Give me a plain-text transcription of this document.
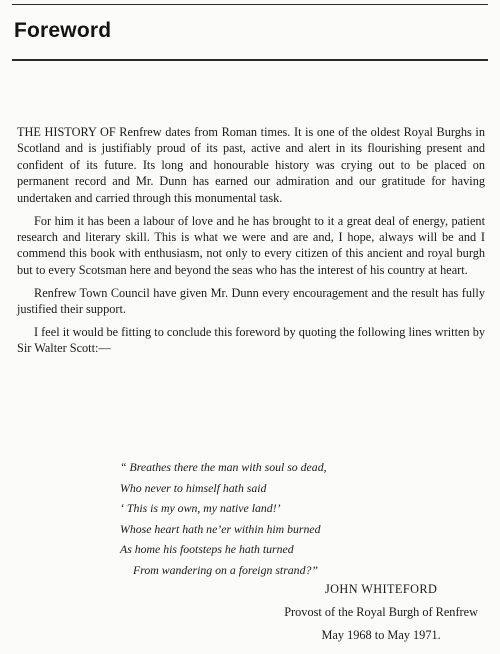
Foreword

THE HISTORY OF Renfrew dates from Roman times. It is one of the oldest Royal Burghs in Scotland and is justifiably proud of its past, active and alert in its flourishing present and confident of its future. Its long and honourable history was crying out to be placed on permanent record and Mr. Dunn has earned our admiration and our gratitude for having undertaken and carried through this monumental task.

For him it has been a labour of love and he has brought to it a great deal of energy, patient research and literary skill. This is what we were and are and, I hope, always will be and I commend this book with enthusiasm, not only to every citizen of this ancient and royal burgh but to every Scotsman here and beyond the seas who has the interest of his country at heart.

Renfrew Town Council have given Mr. Dunn every encouragement and the result has fully justified their support.

I feel it would be fitting to conclude this foreword by quoting the following lines written by Sir Walter Scott:—

“ Breathes there the man with soul so dead,
Who never to himself hath said
‘ This is my own, my native land!’
Whose heart hath ne’er within him burned
As home his footsteps he hath turned
From wandering on a foreign strand?”
JOHN WHITEFORD
Provost of the Royal Burgh of Renfrew
May 1968 to May 1971.
